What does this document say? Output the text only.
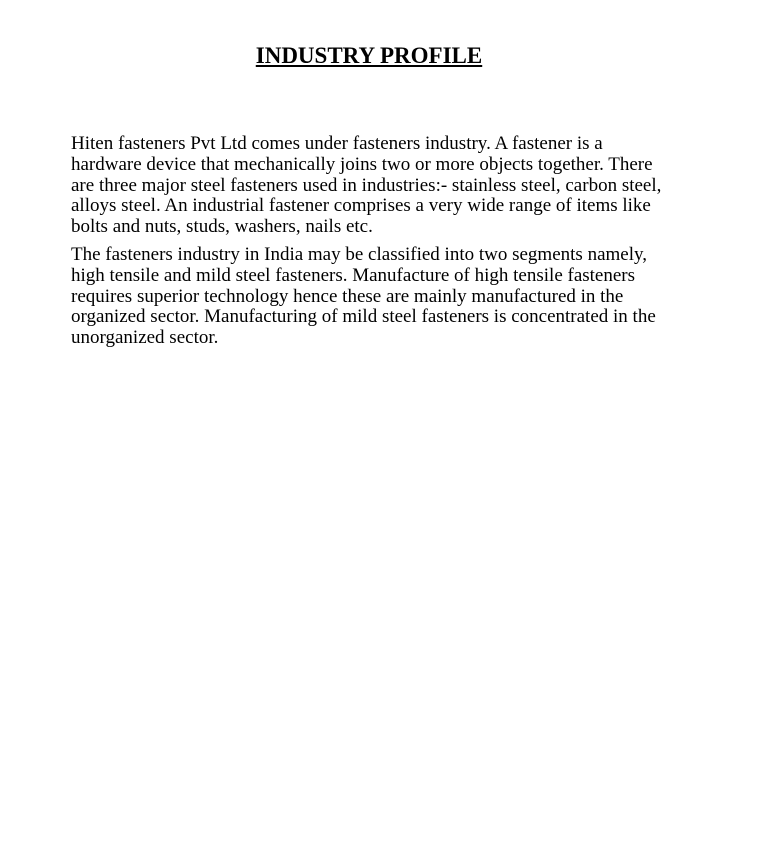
INDUSTRY PROFILE

Hiten fasteners Pvt Ltd comes under fasteners industry. A fastener is a hardware device that mechanically joins two or more objects together. There are three major steel fasteners used in industries:- stainless steel, carbon steel, alloys steel. An industrial fastener comprises a very wide range of items like bolts and nuts, studs, washers, nails etc.

The fasteners industry in India may be classified into two segments namely, high tensile and mild steel fasteners. Manufacture of high tensile fasteners requires superior technology hence these are mainly manufactured in the organized sector. Manufacturing of mild steel fasteners is concentrated in the unorganized sector.
